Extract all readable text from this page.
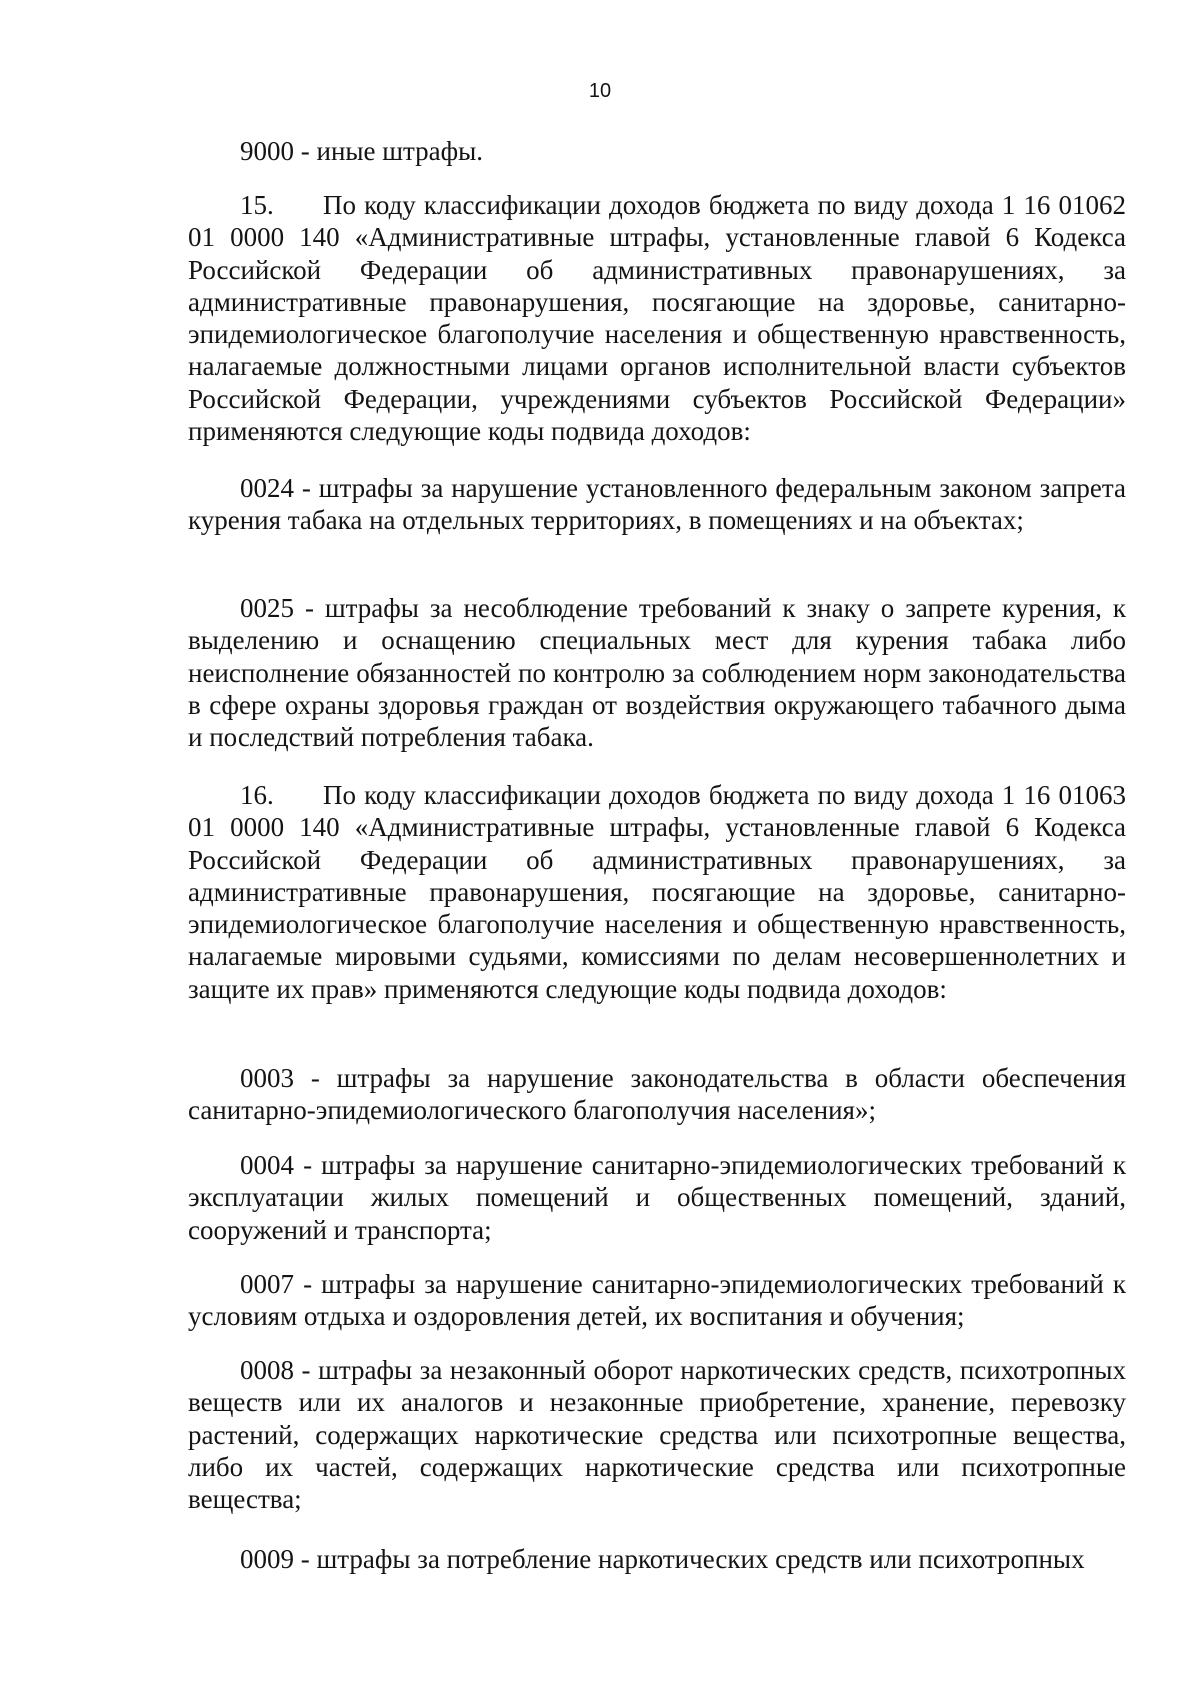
10

9000 - иные штрафы.

15. По коду классификации доходов бюджета по виду дохода 1 16 01062 01 0000 140 «Административные штрафы, установленные главой 6 Кодекса Российской Федерации об административных правонарушениях, за административные правонарушения, посягающие на здоровье, санитарно-эпидемиологическое благополучие населения и общественную нравственность, налагаемые должностными лицами органов исполнительной власти субъектов Российской Федерации, учреждениями субъектов Российской Федерации» применяются следующие коды подвида доходов:

0024 - штрафы за нарушение установленного федеральным законом запрета курения табака на отдельных территориях, в помещениях и на объектах;

0025 - штрафы за несоблюдение требований к знаку о запрете курения, к выделению и оснащению специальных мест для курения табака либо неисполнение обязанностей по контролю за соблюдением норм законодательства в сфере охраны здоровья граждан от воздействия окружающего табачного дыма и последствий потребления табака.

16. По коду классификации доходов бюджета по виду дохода 1 16 01063 01 0000 140 «Административные штрафы, установленные главой 6 Кодекса Российской Федерации об административных правонарушениях, за административные правонарушения, посягающие на здоровье, санитарно-эпидемиологическое благополучие населения и общественную нравственность, налагаемые мировыми судьями, комиссиями по делам несовершеннолетних и защите их прав» применяются следующие коды подвида доходов:

0003 - штрафы за нарушение законодательства в области обеспечения санитарно-эпидемиологического благополучия населения»;

0004 - штрафы за нарушение санитарно-эпидемиологических требований к эксплуатации жилых помещений и общественных помещений, зданий, сооружений и транспорта;

0007 - штрафы за нарушение санитарно-эпидемиологических требований к условиям отдыха и оздоровления детей, их воспитания и обучения;

0008 - штрафы за незаконный оборот наркотических средств, психотропных веществ или их аналогов и незаконные приобретение, хранение, перевозку растений, содержащих наркотические средства или психотропные вещества, либо их частей, содержащих наркотические средства или психотропные вещества;

0009 - штрафы за потребление наркотических средств или психотропных
